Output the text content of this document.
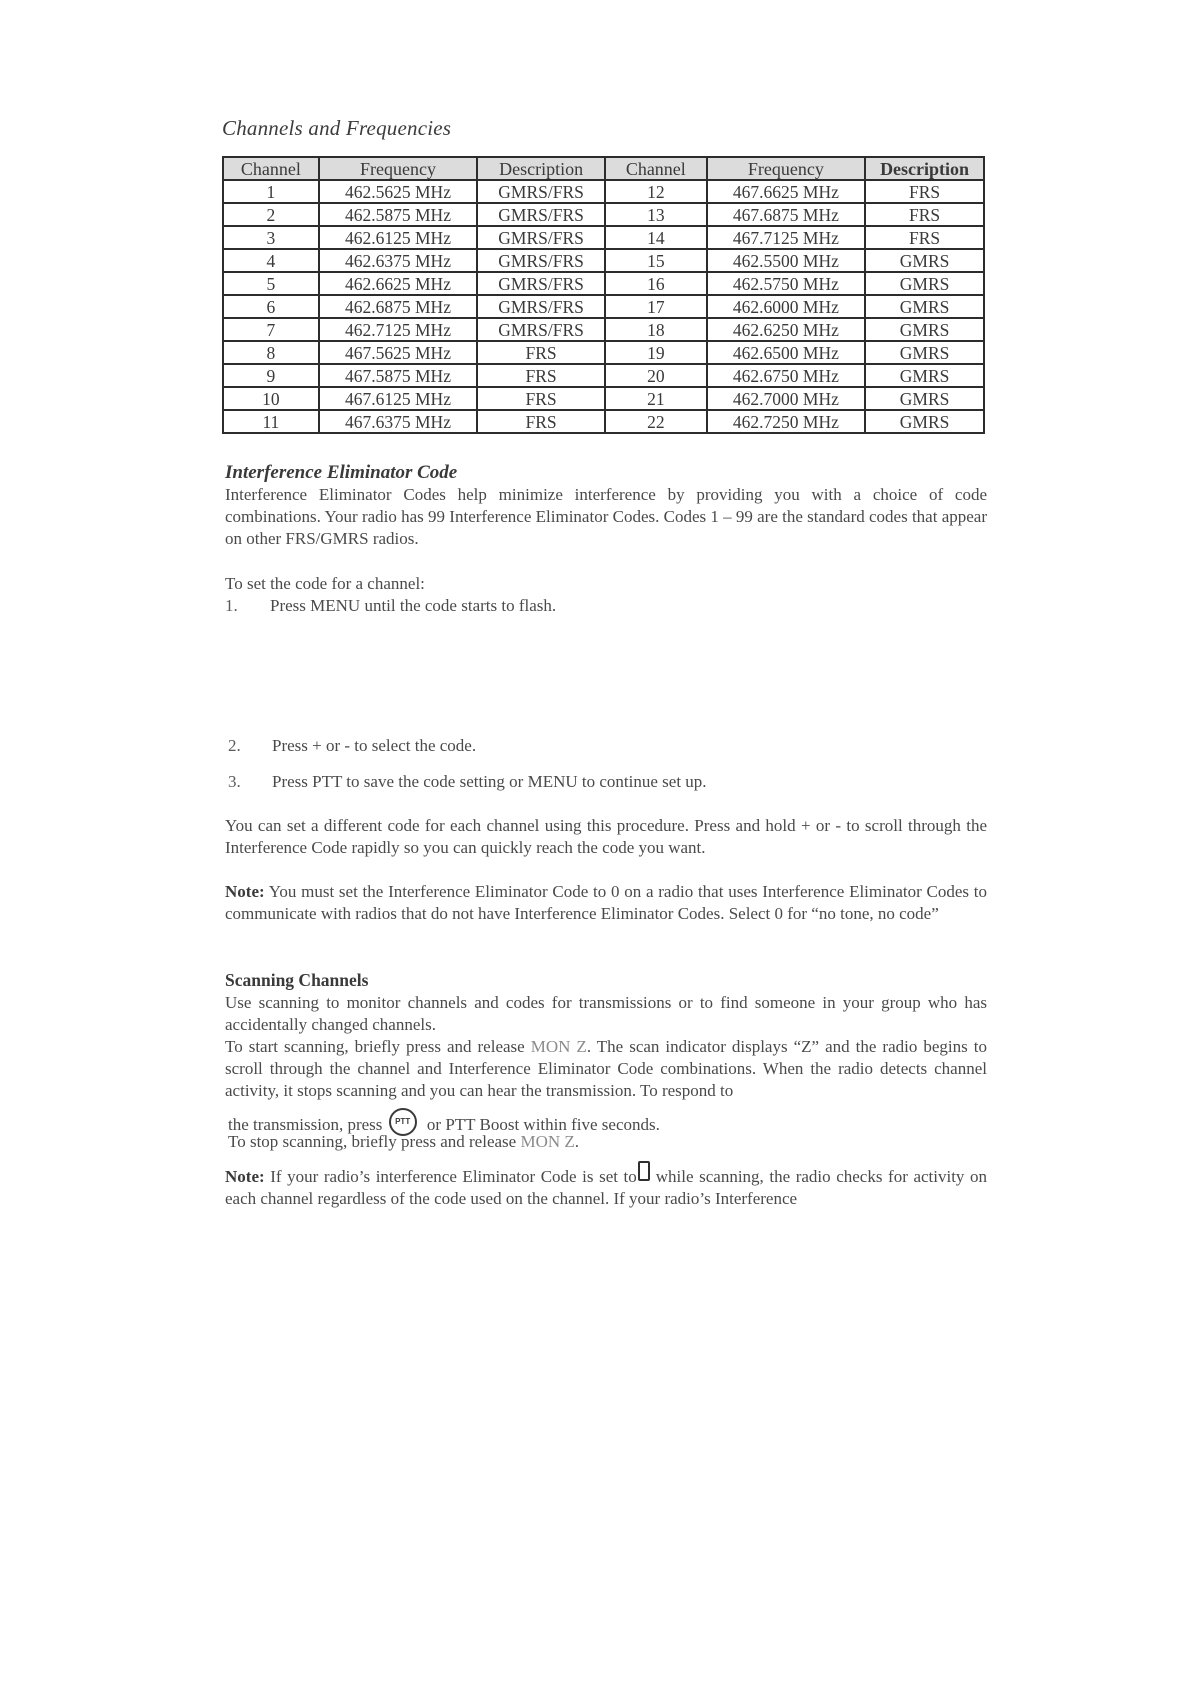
Channels and Frequencies
Channel	Frequency	Description	Channel	Frequency	Description
1	462.5625 MHz	GMRS/FRS	12	467.6625 MHz	FRS
2	462.5875 MHz	GMRS/FRS	13	467.6875 MHz	FRS
3	462.6125 MHz	GMRS/FRS	14	467.7125 MHz	FRS
4	462.6375 MHz	GMRS/FRS	15	462.5500 MHz	GMRS
5	462.6625 MHz	GMRS/FRS	16	462.5750 MHz	GMRS
6	462.6875 MHz	GMRS/FRS	17	462.6000 MHz	GMRS
7	462.7125 MHz	GMRS/FRS	18	462.6250 MHz	GMRS
8	467.5625 MHz	FRS	19	462.6500 MHz	GMRS
9	467.5875 MHz	FRS	20	462.6750 MHz	GMRS
10	467.6125 MHz	FRS	21	462.7000 MHz	GMRS
11	467.6375 MHz	FRS	22	462.7250 MHz	GMRS
Interference Eliminator Code
Interference Eliminator Codes help minimize interference by providing you with a choice of code combinations. Your radio has 99 Interference Eliminator Codes. Codes 1 – 99 are the standard codes that appear on other FRS/GMRS radios.
To set the code for a channel:
1. Press MENU until the code starts to flash.
2. Press + or - to select the code.
3. Press PTT to save the code setting or MENU to continue set up.
You can set a different code for each channel using this procedure. Press and hold + or - to scroll through the Interference Code rapidly so you can quickly reach the code you want.
Note: You must set the Interference Eliminator Code to 0 on a radio that uses Interference Eliminator Codes to communicate with radios that do not have Interference Eliminator Codes. Select 0 for “no tone, no code”
Scanning Channels
Use scanning to monitor channels and codes for transmissions or to find someone in your group who has accidentally changed channels.
To start scanning, briefly press and release MON Z. The scan indicator displays “Z” and the radio begins to scroll through the channel and Interference Eliminator Code combinations. When the radio detects channel activity, it stops scanning and you can hear the transmission. To respond to
the transmission, press PTT or PTT Boost within five seconds.
To stop scanning, briefly press and release MON Z.
Note: If your radio’s interference Eliminator Code is set to while scanning, the radio checks for activity on each channel regardless of the code used on the channel. If your radio’s Interference
